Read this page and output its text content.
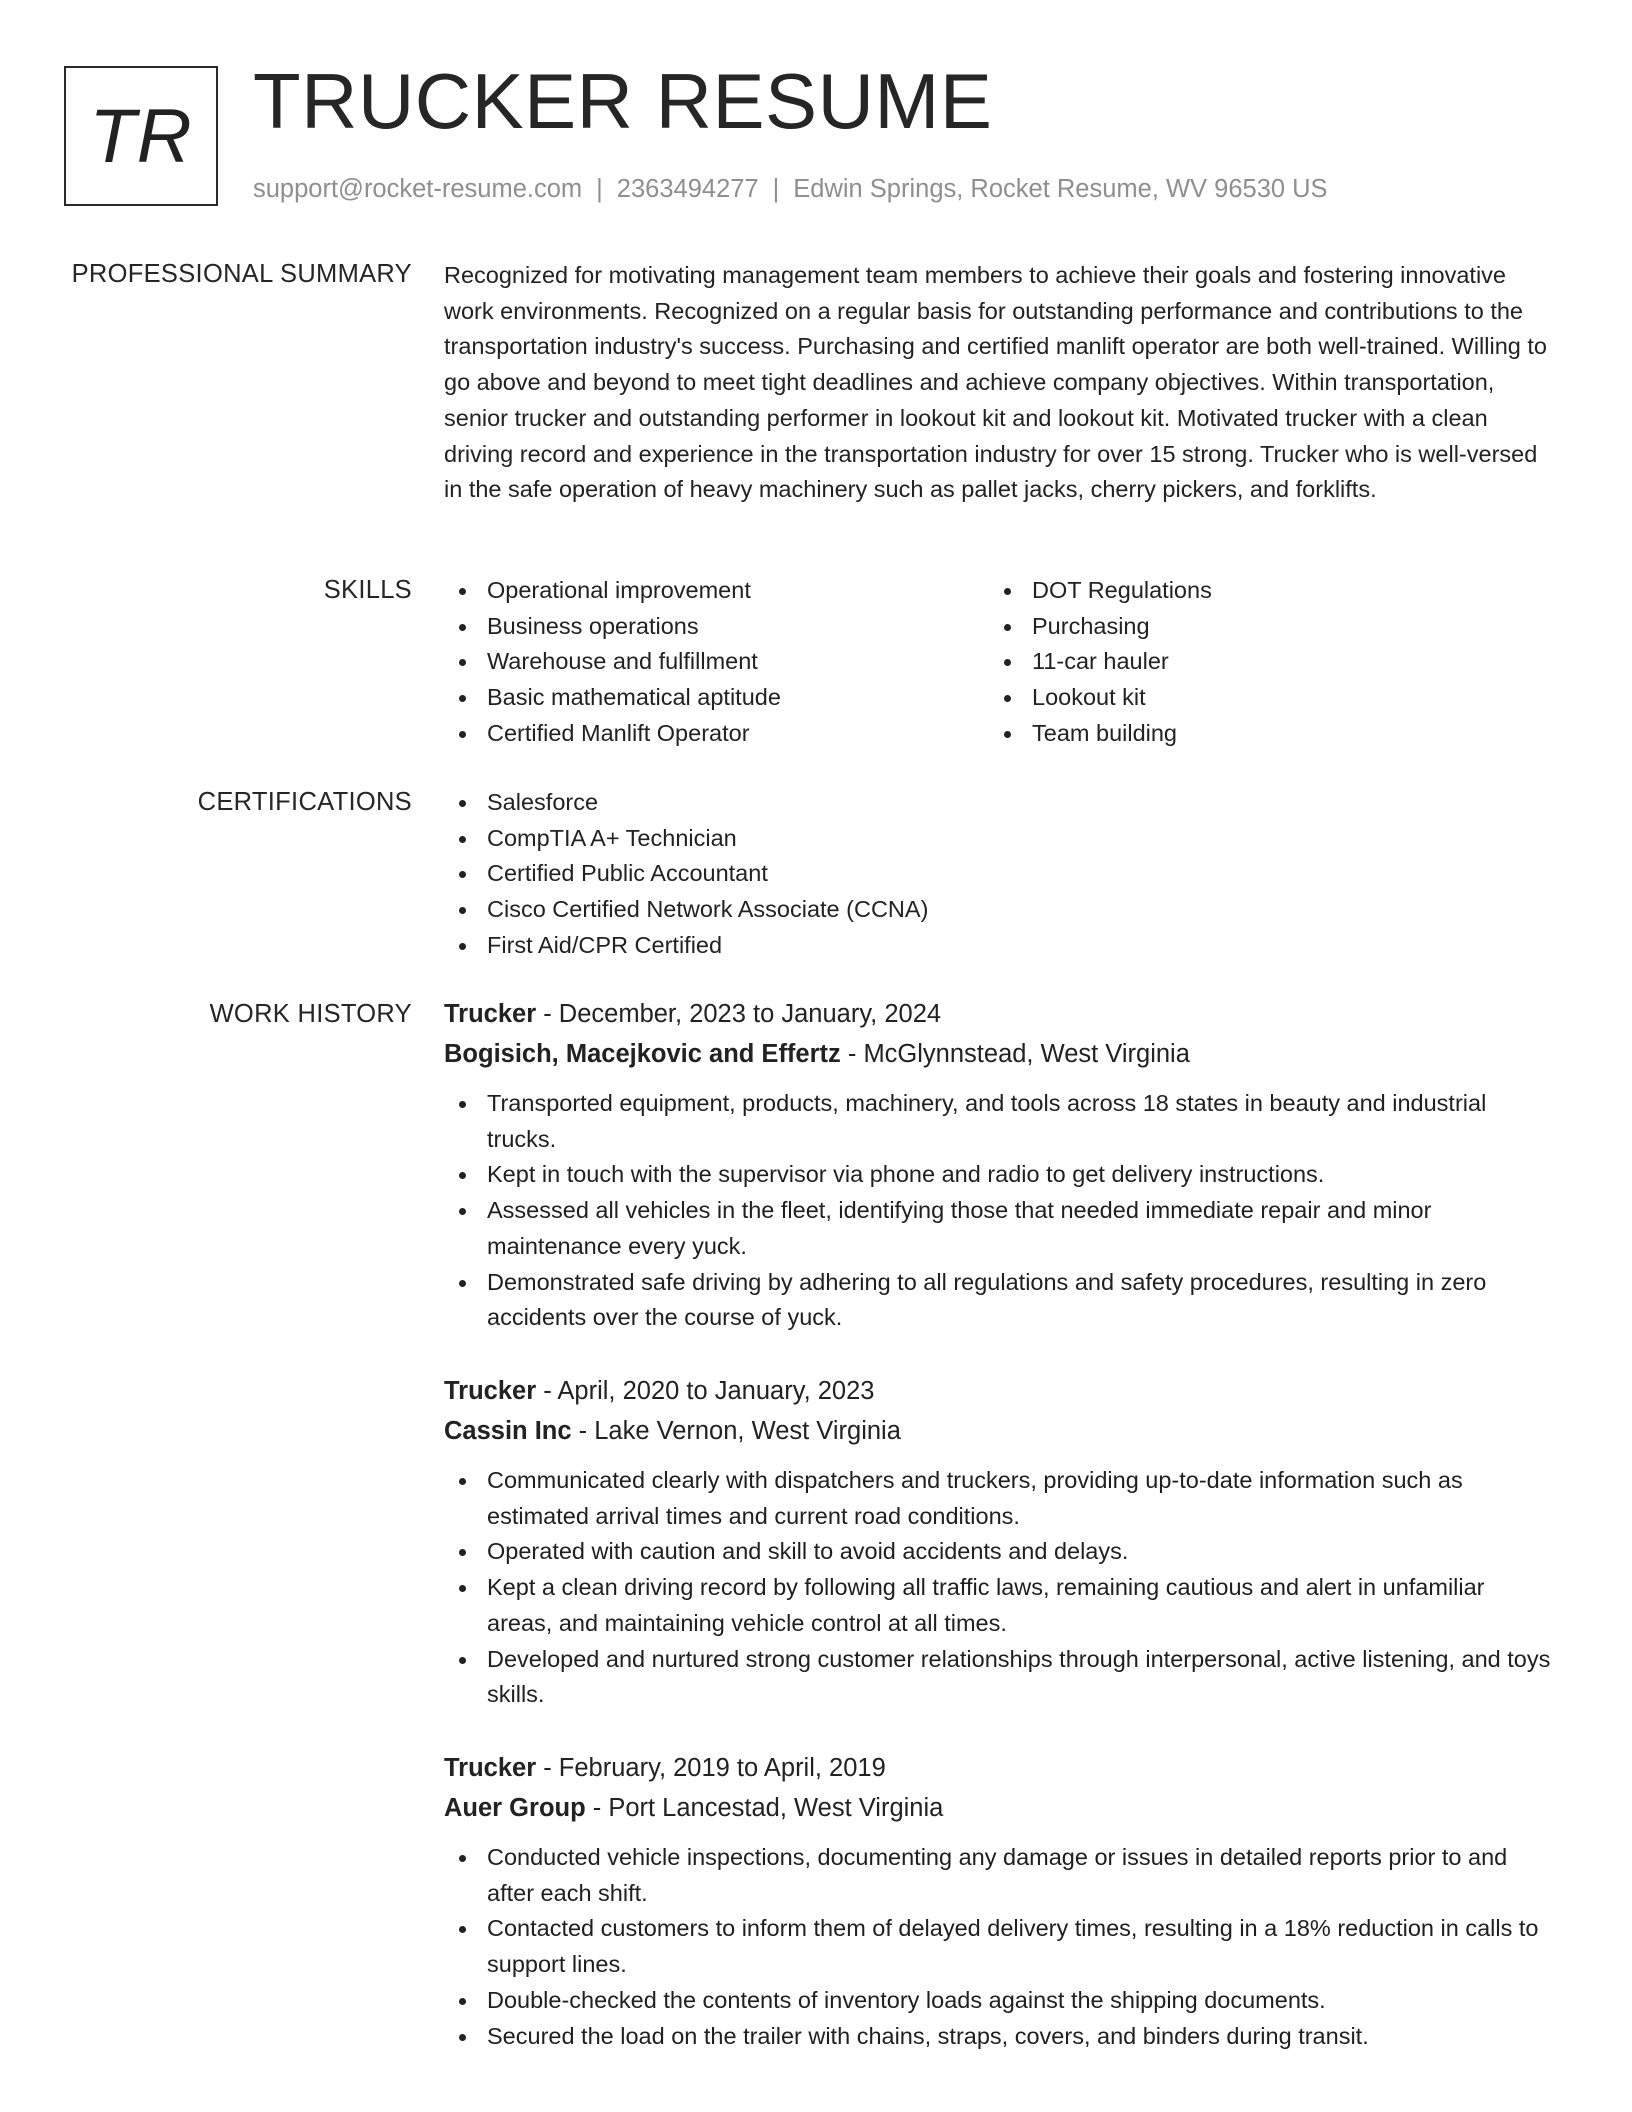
TR TRUCKER RESUME
support@rocket-resume.com | 2363494277 | Edwin Springs, Rocket Resume, WV 96530 US
PROFESSIONAL SUMMARY Recognized for motivating management team members to achieve their goals and fostering innovative work environments. Recognized on a regular basis for outstanding performance and contributions to the transportation industry's success. Purchasing and certified manlift operator are both well-trained. Willing to go above and beyond to meet tight deadlines and achieve company objectives. Within transportation, senior trucker and outstanding performer in lookout kit and lookout kit. Motivated trucker with a clean driving record and experience in the transportation industry for over 15 strong. Trucker who is well-versed in the safe operation of heavy machinery such as pallet jacks, cherry pickers, and forklifts.

SKILLS	Operational improvement
Business operations
Warehouse and fulfillment
Basic mathematical aptitude
Certified Manlift Operator
DOT Regulations
Purchasing
11-car hauler
Lookout kit
Team building
CERTIFICATIONS	Salesforce
CompTIA A+ Technician
Certified Public Accountant
Cisco Certified Network Associate (CCNA)
First Aid/CPR Certified
WORK HISTORY Trucker - December, 2023 to January, 2024
Bogisich, Macejkovic and Effertz - McGlynnstead, West Virginia
Transported equipment, products, machinery, and tools across 18 states in beauty and industrial trucks.
Kept in touch with the supervisor via phone and radio to get delivery instructions.
Assessed all vehicles in the fleet, identifying those that needed immediate repair and minor maintenance every yuck.
Demonstrated safe driving by adhering to all regulations and safety procedures, resulting in zero accidents over the course of yuck.
Trucker - April, 2020 to January, 2023
Cassin Inc - Lake Vernon, West Virginia
Communicated clearly with dispatchers and truckers, providing up-to-date information such as estimated arrival times and current road conditions.
Operated with caution and skill to avoid accidents and delays.
Kept a clean driving record by following all traffic laws, remaining cautious and alert in unfamiliar areas, and maintaining vehicle control at all times.
Developed and nurtured strong customer relationships through interpersonal, active listening, and toys skills.
Trucker - February, 2019 to April, 2019
Auer Group - Port Lancestad, West Virginia
Conducted vehicle inspections, documenting any damage or issues in detailed reports prior to and after each shift.
Contacted customers to inform them of delayed delivery times, resulting in a 18% reduction in calls to support lines.
Double-checked the contents of inventory loads against the shipping documents.
Secured the load on the trailer with chains, straps, covers, and binders during transit.
